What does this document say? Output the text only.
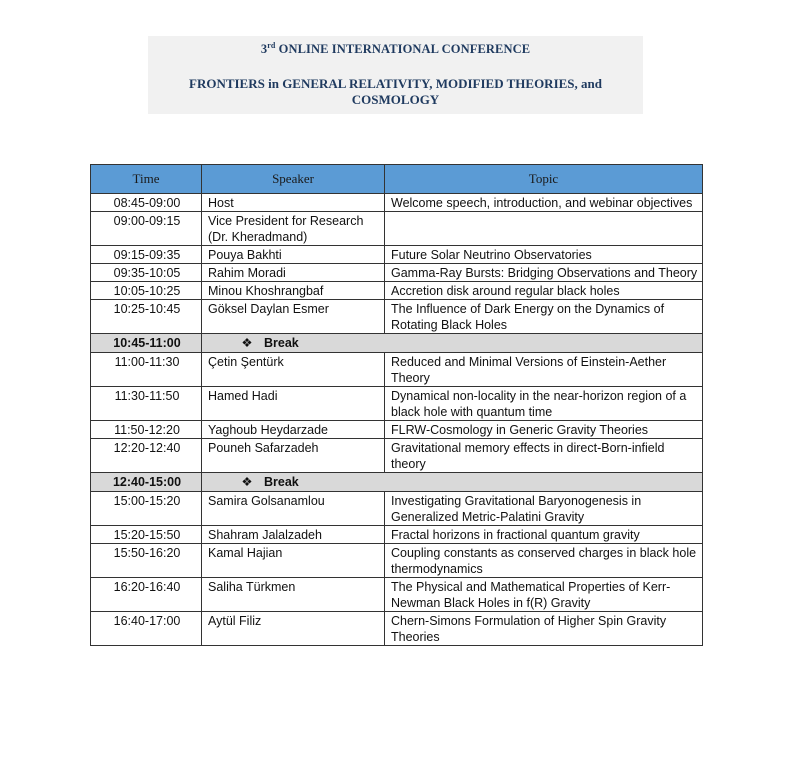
3rd ONLINE INTERNATIONAL CONFERENCE
FRONTIERS in GENERAL RELATIVITY, MODIFIED THEORIES, and
COSMOLOGY
Time	Speaker	Topic
08:45-09:00	Host	Welcome speech, introduction, and webinar objectives
09:00-09:15	Vice President for Research (Dr. Kheradmand)	
09:15-09:35	Pouya Bakhti	Future Solar Neutrino Observatories
09:35-10:05	Rahim Moradi	Gamma-Ray Bursts: Bridging Observations and Theory
10:05-10:25	Minou Khoshrangbaf	Accretion disk around regular black holes
10:25-10:45	Göksel Daylan Esmer	The Influence of Dark Energy on the Dynamics of Rotating Black Holes
10:45-11:00	❖ Break	
11:00-11:30	Çetin Şentürk	Reduced and Minimal Versions of Einstein-Aether Theory
11:30-11:50	Hamed Hadi	Dynamical non-locality in the near-horizon region of a black hole with quantum time
11:50-12:20	Yaghoub Heydarzade	FLRW-Cosmology in Generic Gravity Theories
12:20-12:40	Pouneh Safarzadeh	Gravitational memory effects in direct-Born-infield theory
12:40-15:00	❖ Break	
15:00-15:20	Samira Golsanamlou	Investigating Gravitational Baryonogenesis in Generalized Metric-Palatini Gravity
15:20-15:50	Shahram Jalalzadeh	Fractal horizons in fractional quantum gravity
15:50-16:20	Kamal Hajian	Coupling constants as conserved charges in black hole thermodynamics
16:20-16:40	Saliha Türkmen	The Physical and Mathematical Properties of Kerr-Newman Black Holes in f(R) Gravity
16:40-17:00	Aytül Filiz	Chern-Simons Formulation of Higher Spin Gravity Theories
